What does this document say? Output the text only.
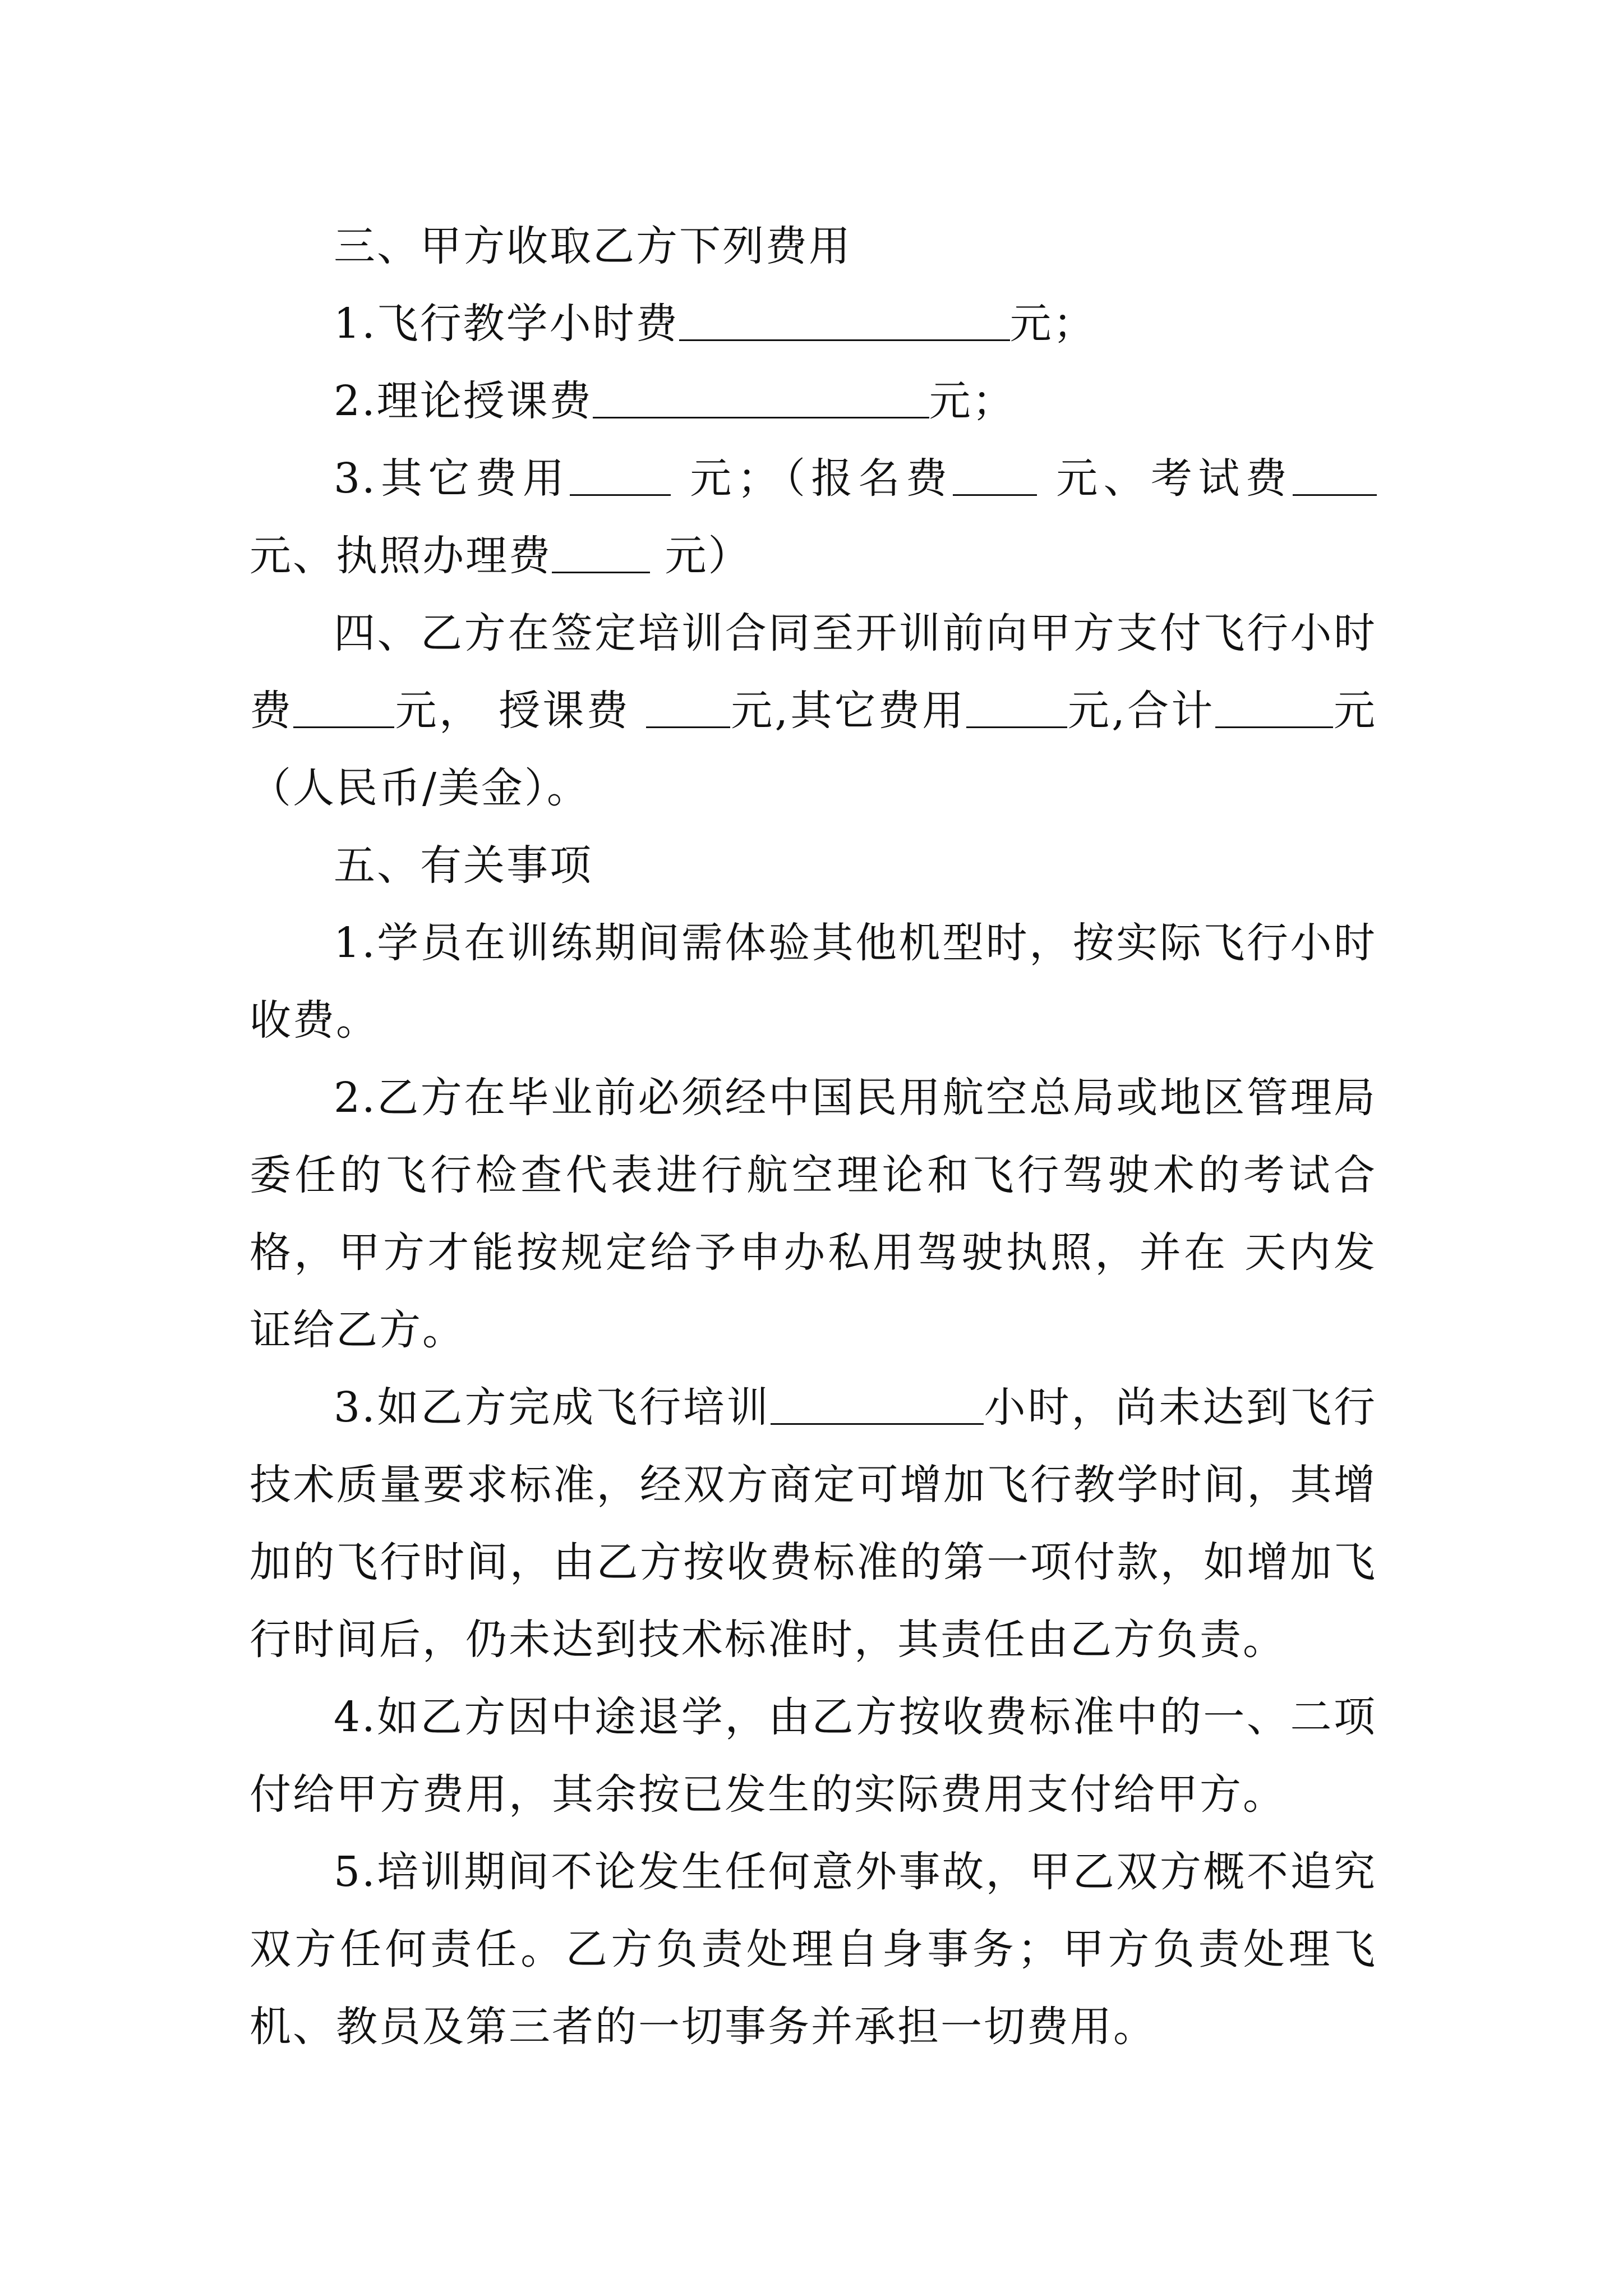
三、甲方收取乙方下列费用

1.飞行教学小时费	元；

2.理论授课费	元；

3.其它费用	元；（报名费 元、考试费元、执照办理费	元）

四、乙方在签定培训合同至开训前向甲方支付飞行小时费 元， 授课费 元,其它费用 元,合计	元（人民币/美金）。

五、有关事项

1.学员在训练期间需体验其他机型时，按实际飞行小时收费。

2.乙方在毕业前必须经中国民用航空总局或地区管理局委任的飞行检查代表进行航空理论和飞行驾驶术的考试合格，甲方才能按规定给予申办私用驾驶执照，并在 天内发证给乙方。

3.如乙方完成飞行培训	小时，尚未达到飞行技术质量要求标准，经双方商定可增加飞行教学时间，其增加的飞行时间，由乙方按收费标准的第一项付款，如增加飞行时间后，仍未达到技术标准时，其责任由乙方负责。

4.如乙方因中途退学，由乙方按收费标准中的一、二项付给甲方费用，其余按已发生的实际费用支付给甲方。

5.培训期间不论发生任何意外事故，甲乙双方概不追究双方任何责任。乙方负责处理自身事务；甲方负责处理飞机、教员及第三者的一切事务并承担一切费用。
